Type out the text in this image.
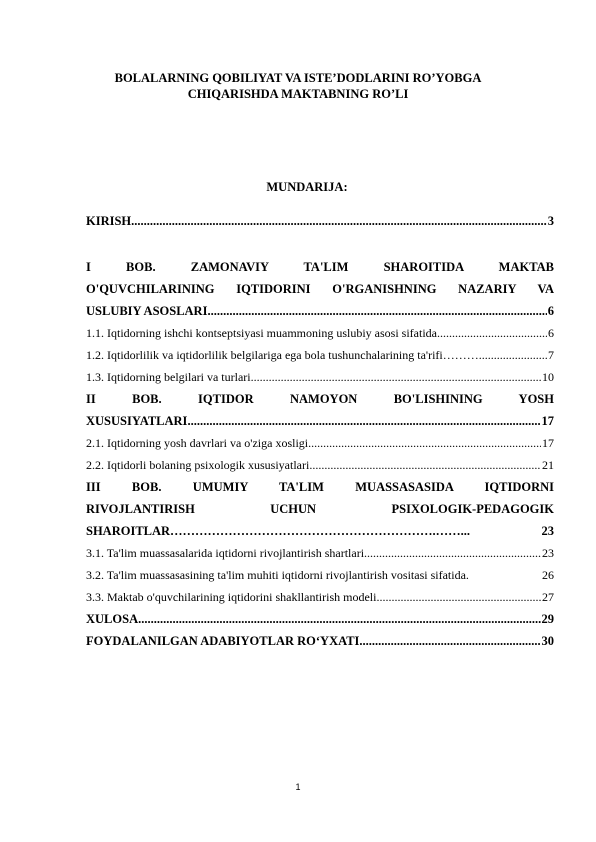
BOLALARNING QOBILIYAT VA ISTE’DODLARINI RO’YOBGA
CHIQARISHDA MAKTABNING RO’LI
MUNDARIJA:
KIRISH .....	3
I BOB. ZAMONAVIY TA'LIM SHAROITIDA MAKTAB
O'QUVCHILARINING IQTIDORINI O'RGANISHNING NAZARIY VA
USLUBIY ASOSLARI .....	6
1.1. Iqtidorning ishchi kontseptsiyasi muammoning uslubiy asosi sifatida .....	6
1.2. Iqtidorlilik va iqtidorlilik belgilariga ega bola tushunchalarining ta'rifi……… .....	7
1.3. Iqtidorning belgilari va turlari .....	10
II BOB. IQTIDOR NAMOYON BO'LISHINING YOSH
XUSUSIYATLARI .....	17
2.1. Iqtidorning yosh davrlari va o'ziga xosligi .....	17
2.2. Iqtidorli bolaning psixologik xususiyatlari .....	21
III BOB. UMUMIY TA'LIM MUASSASASIDA IQTIDORNI
RIVOJLANTIRISH UCHUN PSIXOLOGIK-PEDAGOGIK
SHAROITLAR……………………………………………………….……...	23
3.1. Ta'lim muassasalarida iqtidorni rivojlantirish shartlari .....	23
3.2. Ta'lim muassasasining ta'lim muhiti iqtidorni rivojlantirish vositasi sifatida.	26
3.3. Maktab o'quvchilarining iqtidorini shakllantirish modeli .....	27
XULOSA .....	29
FOYDALANILGAN ADABIYOTLAR RO‘YXATI .....	30
1
